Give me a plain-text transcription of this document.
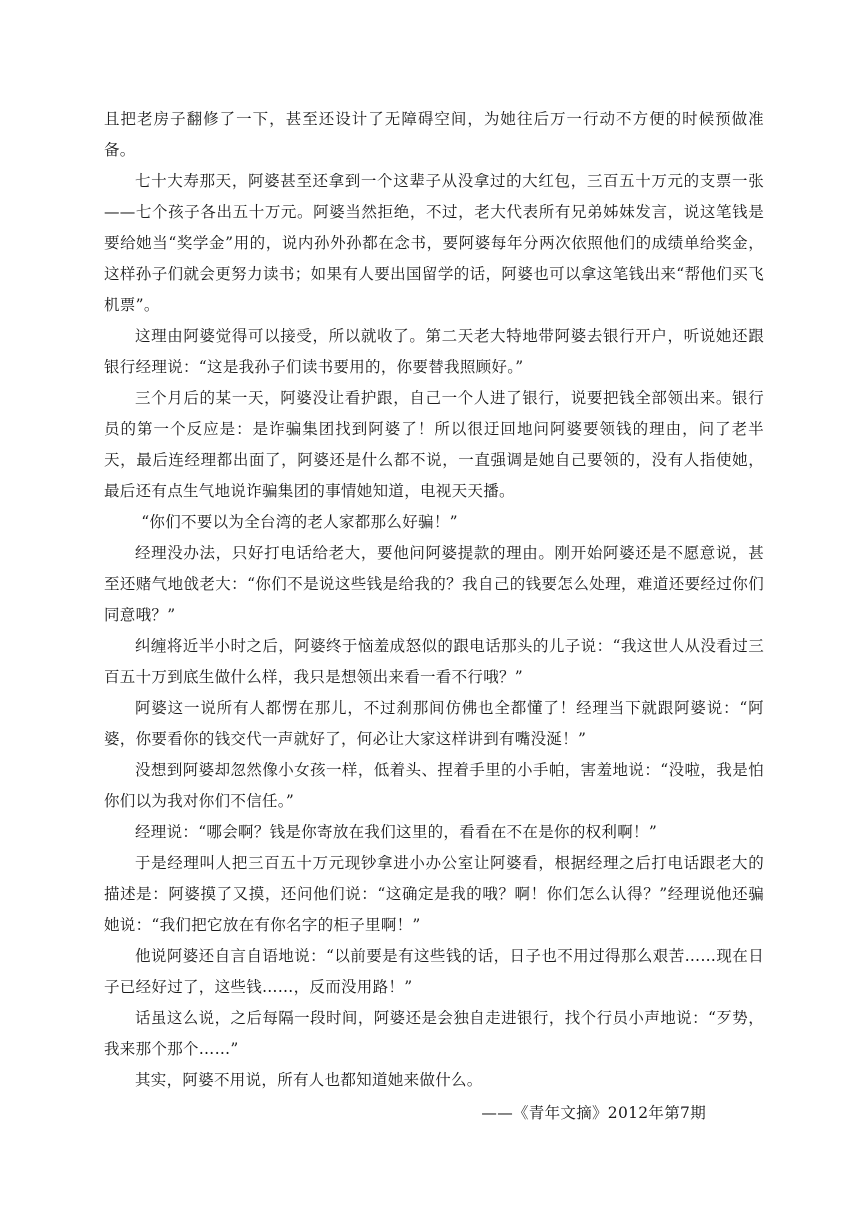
且把老房子翻修了一下，甚至还设计了无障碍空间，为她往后万一行动不方便的时候预做准备。

七十大寿那天，阿婆甚至还拿到一个这辈子从没拿过的大红包，三百五十万元的支票一张——七个孩子各出五十万元。阿婆当然拒绝，不过，老大代表所有兄弟姊妹发言，说这笔钱是要给她当“奖学金”用的，说内孙外孙都在念书，要阿婆每年分两次依照他们的成绩单给奖金，这样孙子们就会更努力读书；如果有人要出国留学的话，阿婆也可以拿这笔钱出来“帮他们买飞机票”。

这理由阿婆觉得可以接受，所以就收了。第二天老大特地带阿婆去银行开户，听说她还跟银行经理说：“这是我孙子们读书要用的，你要替我照顾好。”

三个月后的某一天，阿婆没让看护跟，自己一个人进了银行，说要把钱全部领出来。银行员的第一个反应是：是诈骗集团找到阿婆了！所以很迂回地问阿婆要领钱的理由，问了老半天，最后连经理都出面了，阿婆还是什么都不说，一直强调是她自己要领的，没有人指使她，最后还有点生气地说诈骗集团的事情她知道，电视天天播。

“你们不要以为全台湾的老人家都那么好骗！”

经理没办法，只好打电话给老大，要他问阿婆提款的理由。刚开始阿婆还是不愿意说，甚至还赌气地戗老大：“你们不是说这些钱是给我的？我自己的钱要怎么处理，难道还要经过你们同意哦？”

纠缠将近半小时之后，阿婆终于恼羞成怒似的跟电话那头的儿子说：“我这世人从没看过三百五十万到底生做什么样，我只是想领出来看一看不行哦？”

阿婆这一说所有人都愣在那儿，不过刹那间仿佛也全都懂了！经理当下就跟阿婆说：“阿婆，你要看你的钱交代一声就好了，何必让大家这样讲到有嘴没涎！”

没想到阿婆却忽然像小女孩一样，低着头、捏着手里的小手帕，害羞地说：“没啦，我是怕你们以为我对你们不信任。”

经理说：“哪会啊？钱是你寄放在我们这里的，看看在不在是你的权利啊！”

于是经理叫人把三百五十万元现钞拿进小办公室让阿婆看，根据经理之后打电话跟老大的描述是：阿婆摸了又摸，还问他们说：“这确定是我的哦？啊！你们怎么认得？”经理说他还骗她说：“我们把它放在有你名字的柜子里啊！”

他说阿婆还自言自语地说：“以前要是有这些钱的话，日子也不用过得那么艰苦……现在日子已经好过了，这些钱……，反而没用路！”

话虽这么说，之后每隔一段时间，阿婆还是会独自走进银行，找个行员小声地说：“歹势，我来那个那个……”

其实，阿婆不用说，所有人也都知道她来做什么。

——《青年文摘》2012年第7期
